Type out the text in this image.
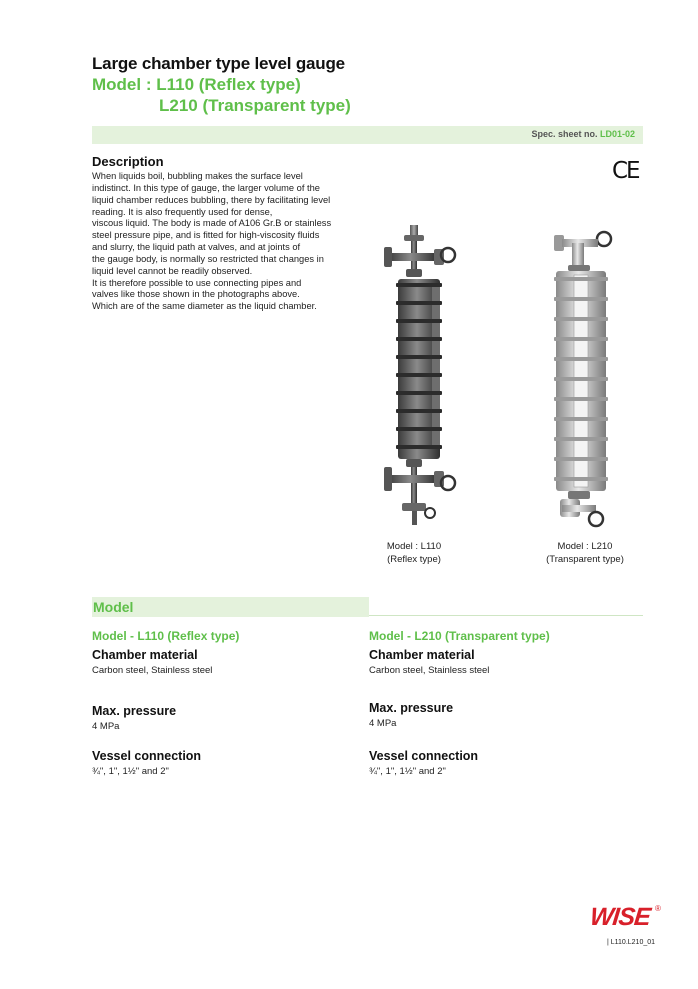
Large chamber type level gauge
Model : L110 (Reflex type)
L210 (Transparent type)
Spec. sheet no. LD01-02
Description
When liquids boil, bubbling makes the surface level
indistinct. In this type of gauge, the larger volume of the
liquid chamber reduces bubbling, there by facilitating level
reading. It is also frequently used for dense,
viscous liquid. The body is made of A106 Gr.B or stainless
steel pressure pipe, and is fitted for high-viscosity fluids
and slurry, the liquid path at valves, and at joints of
the gauge body, is normally so restricted that changes in
liquid level cannot be readily observed.
It is therefore possible to use connecting pipes and
valves like those shown in the photographs above.
Which are of the same diameter as the liquid chamber.
CE
Model : L110
(Reflex type)
Model : L210
(Transparent type)
Model
Model - L110 (Reflex type)
Chamber material
Carbon steel, Stainless steel
Max. pressure
4 MPa
Vessel connection
¾", 1", 1½" and 2"
Model - L210 (Transparent type)
Chamber material
Carbon steel, Stainless steel
Max. pressure
4 MPa
Vessel connection
¾", 1", 1½" and 2"
WISE ®
| L110.L210_01
